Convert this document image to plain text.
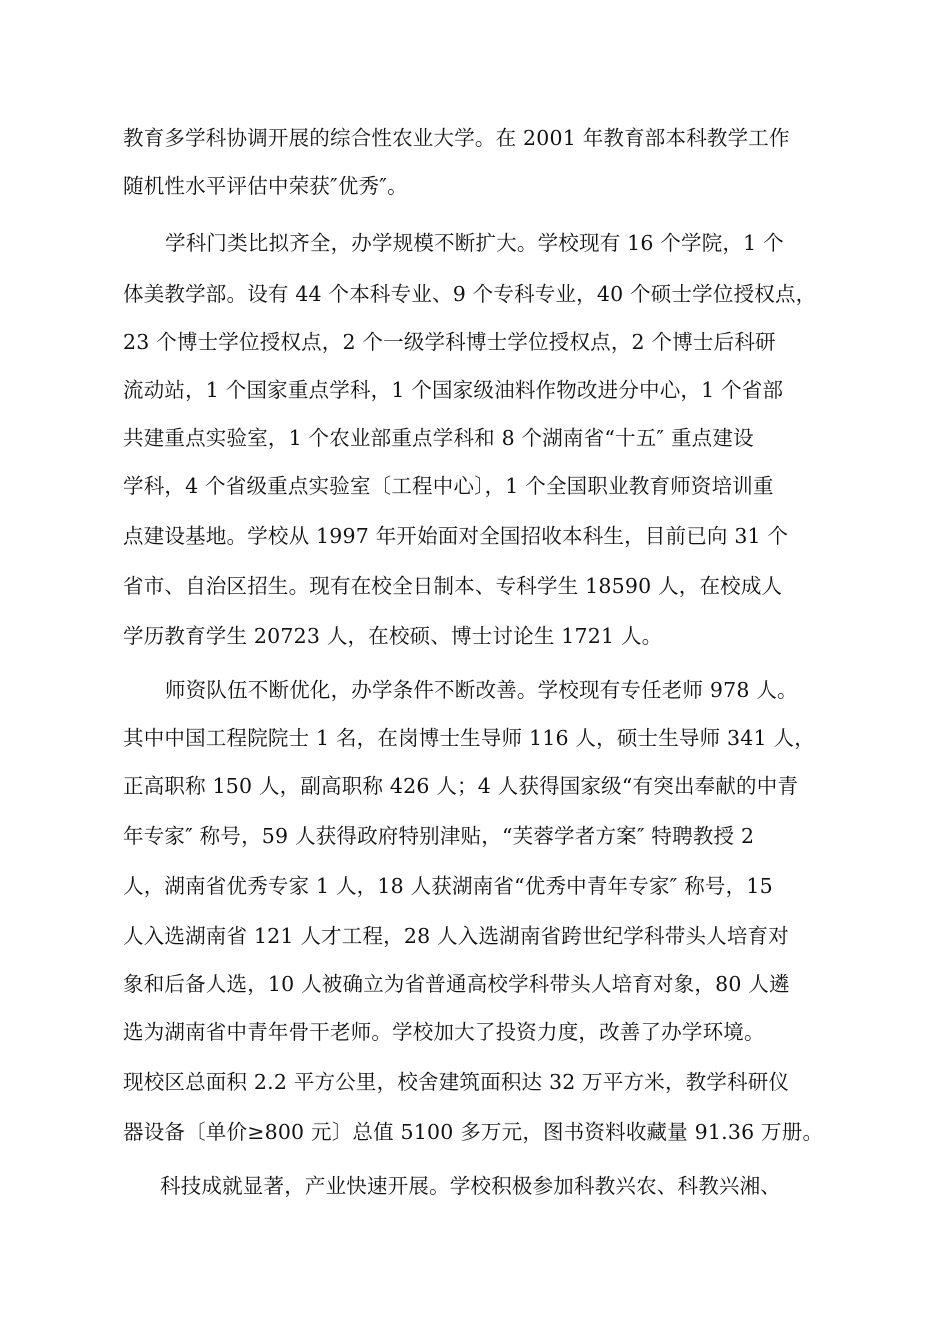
教育多学科协调开展的综合性农业大学。在 2001 年教育部本科教学工作
随机性水平评估中荣获″优秀″。
学科门类比拟齐全，办学规模不断扩大。学校现有 16 个学院，1 个
体美教学部。设有 44 个本科专业、9 个专科专业，40 个硕士学位授权点，
23 个博士学位授权点，2 个一级学科博士学位授权点，2 个博士后科研
流动站，1 个国家重点学科，1 个国家级油料作物改进分中心，1 个省部
共建重点实验室，1 个农业部重点学科和 8 个湖南省“十五″ 重点建设
学科，4 个省级重点实验室〔工程中心〕，1 个全国职业教育师资培训重
点建设基地。学校从 1997 年开始面对全国招收本科生，目前已向 31 个
省市、自治区招生。现有在校全日制本、专科学生 18590 人，在校成人
学历教育学生 20723 人，在校硕、博士讨论生 1721 人。
师资队伍不断优化，办学条件不断改善。学校现有专任老师 978 人。
其中中国工程院院士 1 名，在岗博士生导师 116 人，硕士生导师 341 人，
正高职称 150 人，副高职称 426 人；4 人获得国家级“有突出奉献的中青
年专家″ 称号，59 人获得政府特别津贴，“芙蓉学者方案″ 特聘教授 2
人，湖南省优秀专家 1 人，18 人获湖南省“优秀中青年专家″ 称号，15
人入选湖南省 121 人才工程，28 人入选湖南省跨世纪学科带头人培育对
象和后备人选，10 人被确立为省普通高校学科带头人培育对象，80 人遴
选为湖南省中青年骨干老师。学校加大了投资力度，改善了办学环境。
现校区总面积 2.2 平方公里，校舍建筑面积达 32 万平方米，教学科研仪
器设备〔单价≥800 元〕总值 5100 多万元，图书资料收藏量 91.36 万册。
科技成就显著，产业快速开展。学校积极参加科教兴农、科教兴湘、
